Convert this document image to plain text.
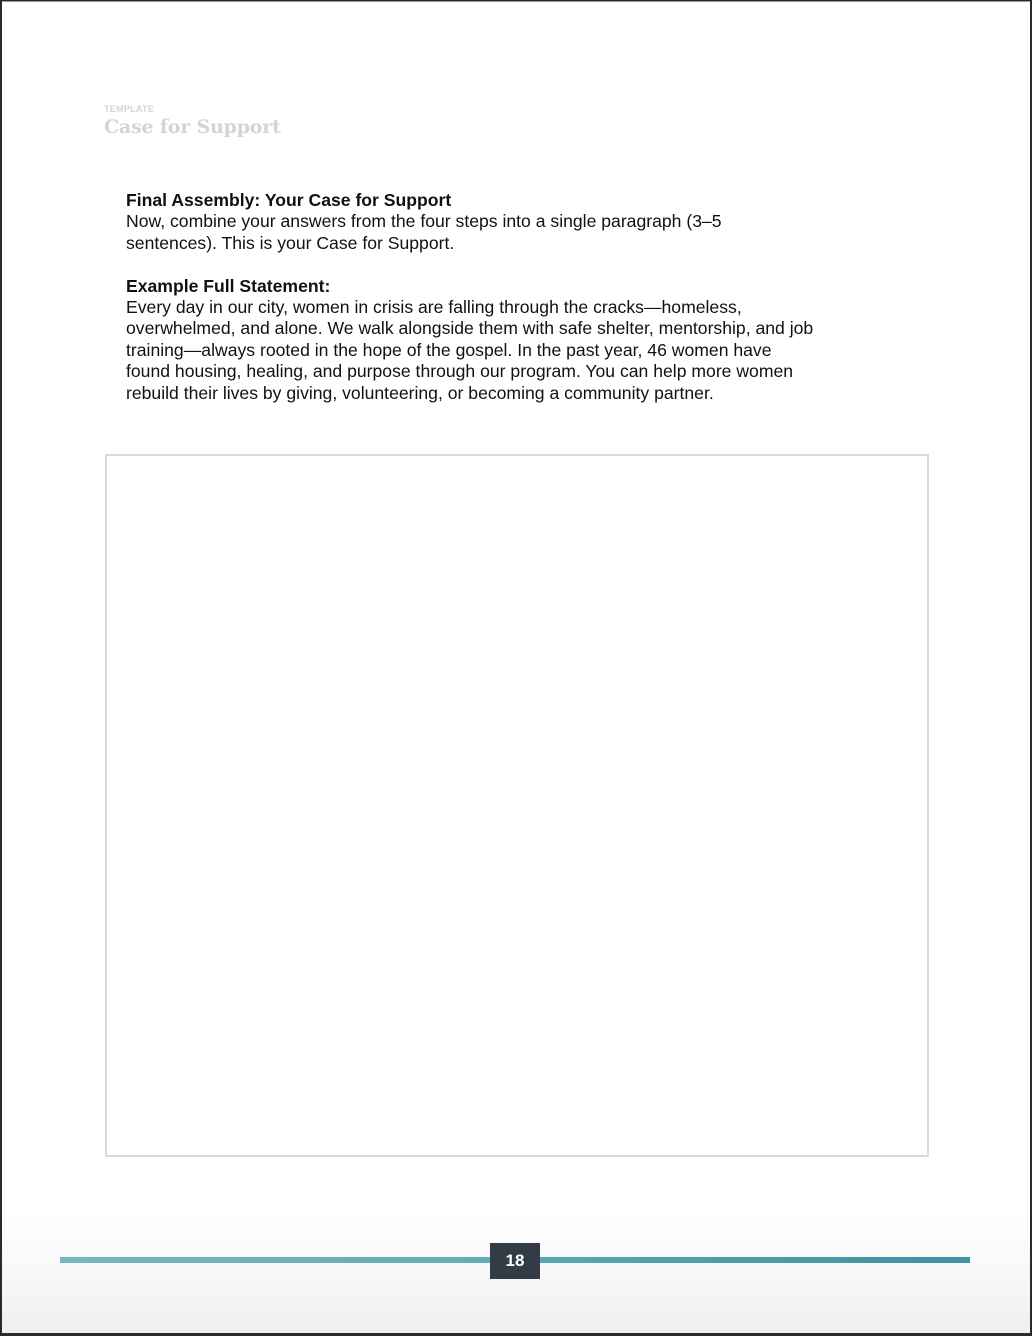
TEMPLATE
Case for Support
Final Assembly: Your Case for Support
Now, combine your answers from the four steps into a single paragraph (3–5
sentences). This is your Case for Support.
Example Full Statement:
Every day in our city, women in crisis are falling through the cracks—homeless,
overwhelmed, and alone. We walk alongside them with safe shelter, mentorship, and job
training—always rooted in the hope of the gospel. In the past year, 46 women have
found housing, healing, and purpose through our program. You can help more women
rebuild their lives by giving, volunteering, or becoming a community partner.
18
